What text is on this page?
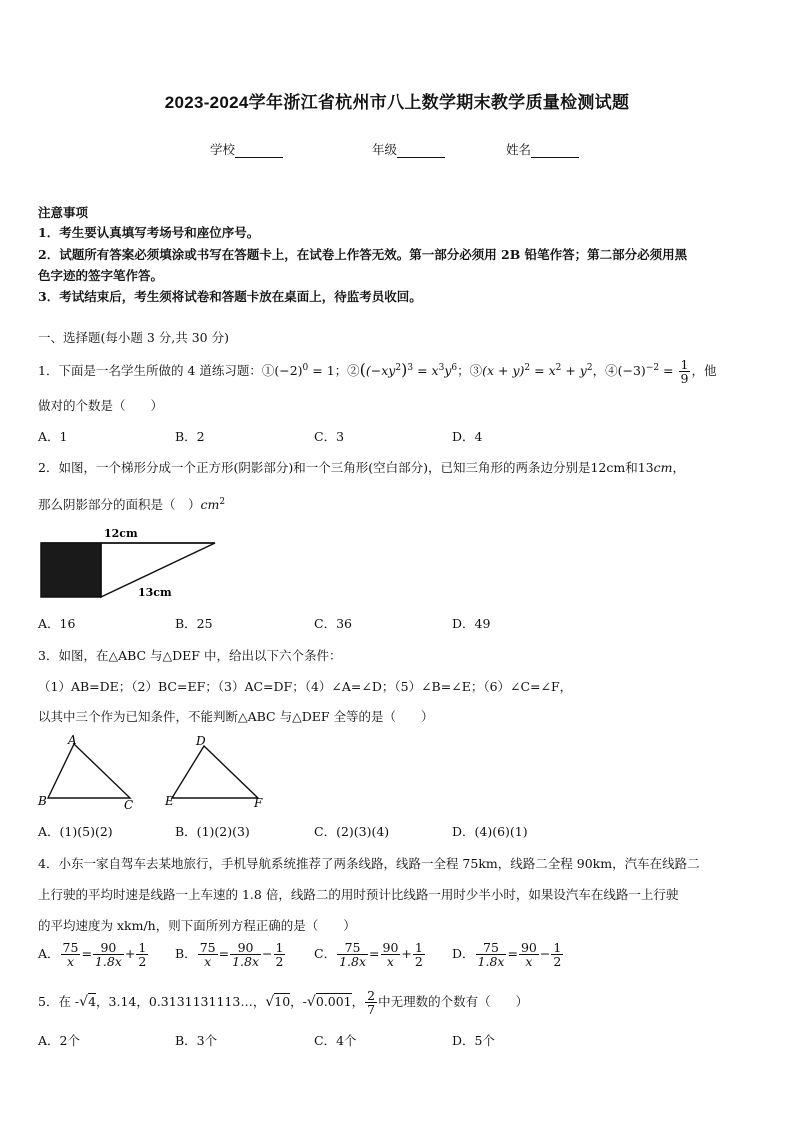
2023-2024学年浙江省杭州市八上数学期末教学质量检测试题
学校	年级	姓名
注意事项
1．考生要认真填写考场号和座位序号。
2．试题所有答案必须填涂或书写在答题卡上，在试卷上作答无效。第一部分必须用 2B 铅笔作答；第二部分必须用黑
色字迹的签字笔作答。
3．考试结束后，考生须将试卷和答题卡放在桌面上，待监考员收回。
一、选择题(每小题 3 分,共 30 分)
1．下面是一名学生所做的 4 道练习题：$①(-2)^0 = 1$；$②((-xy^2)^3 = x^3y^6$；③(x + $y)^2 = x^2 + y^2$，$④(-3)^{-2} = \frac{1}{9}$ ，他
做对的个数是（　　）
A．1	B．2	C．3	D．4
2．如图，一个梯形分成一个正方形(阴影部分)和一个三角形(空白部分)，已知三角形的两条边分别是12cm和13cm，
那么阴影部分的面积是（　）$cm^2$
12cm
13cm
A．16	B．25	C．36	D．49
3．如图，在△ABC 与△DEF 中，给出以下六个条件：
（1）AB=DE；（2）BC=EF；（3）AC=DF；（4）∠A=∠D；（5）∠B=∠E；（6）∠C=∠F，
以其中三个作为已知条件，不能判断△ABC 与△DEF 全等的是（　　）
A
B	C
D
E	F
A．(1)(5)(2)	B．(1)(2)(3)	C．(2)(3)(4)	D．(4)(6)(1)
4．小东一家自驾车去某地旅行，手机导航系统推荐了两条线路，线路一全程 75km，线路二全程 90km，汽车在线路二
上行驶的平均时速是线路一上车速的 1.8 倍，线路二的用时预计比线路一用时少半小时，如果设汽车在线路一上行驶
的平均速度为 xkm/h，则下面所列方程正确的是（　　）
A． $\frac{75}{x} = \frac{90}{1.8x} + \frac{1}{2}$ B． $\frac{75}{x} = \frac{90}{1.8x} - \frac{1}{2}$ C． $\frac{75}{1.8x} = \frac{90}{x} + \frac{1}{2}$ D． $\frac{75}{1.8x} = \frac{90}{x} - \frac{1}{2}$
5．在 -√4，3.14，0.3131131113…，√10，-√0.001， $\frac{2}{7}$ 中无理数的个数有（　　）
A．2个	B．3个	C．4个	D．5个
